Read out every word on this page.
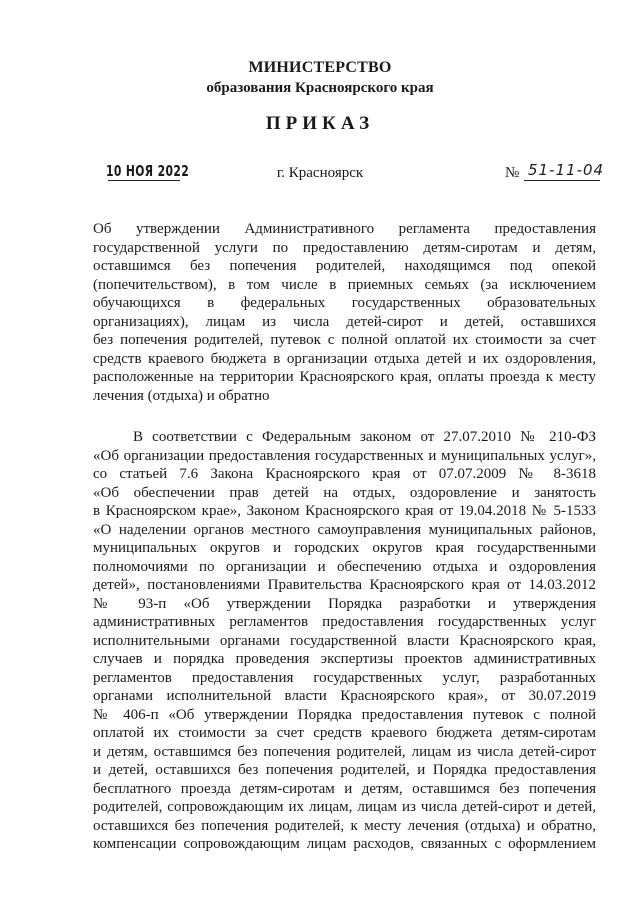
МИНИСТЕРСТВО
образования Красноярского края
ПРИКАЗ
10 НОЯ 2022	г. Красноярск	№ 51-11-04
Об утверждении Административного регламента предоставления
государственной услуги по предоставлению детям-сиротам и детям,
оставшимся без попечения родителей, находящимся под опекой
(попечительством), в том числе в приемных семьях (за исключением
обучающихся в федеральных государственных образовательных
организациях), лицам из числа детей-сирот и детей, оставшихся
без попечения родителей, путевок с полной оплатой их стоимости за счет
средств краевого бюджета в организации отдыха детей и их оздоровления,
расположенные на территории Красноярского края, оплаты проезда к месту
лечения (отдыха) и обратно
В соответствии с Федеральным законом от 27.07.2010 № 210-ФЗ
«Об организации предоставления государственных и муниципальных услуг»,
со статьей 7.6 Закона Красноярского края от 07.07.2009 № 8-3618
«Об обеспечении прав детей на отдых, оздоровление и занятость
в Красноярском крае», Законом Красноярского края от 19.04.2018 № 5-1533
«О наделении органов местного самоуправления муниципальных районов,
муниципальных округов и городских округов края государственными
полномочиями по организации и обеспечению отдыха и оздоровления
детей», постановлениями Правительства Красноярского края от 14.03.2012
№ 93-п «Об утверждении Порядка разработки и утверждения
административных регламентов предоставления государственных услуг
исполнительными органами государственной власти Красноярского края,
случаев и порядка проведения экспертизы проектов административных
регламентов предоставления государственных услуг, разработанных
органами исполнительной власти Красноярского края», от 30.07.2019
№ 406-п «Об утверждении Порядка предоставления путевок с полной
оплатой их стоимости за счет средств краевого бюджета детям-сиротам
и детям, оставшимся без попечения родителей, лицам из числа детей-сирот
и детей, оставшихся без попечения родителей, и Порядка предоставления
бесплатного проезда детям-сиротам и детям, оставшимся без попечения
родителей, сопровождающим их лицам, лицам из числа детей-сирот и детей,
оставшихся без попечения родителей, к месту лечения (отдыха) и обратно,
компенсации сопровождающим лицам расходов, связанных с оформлением
